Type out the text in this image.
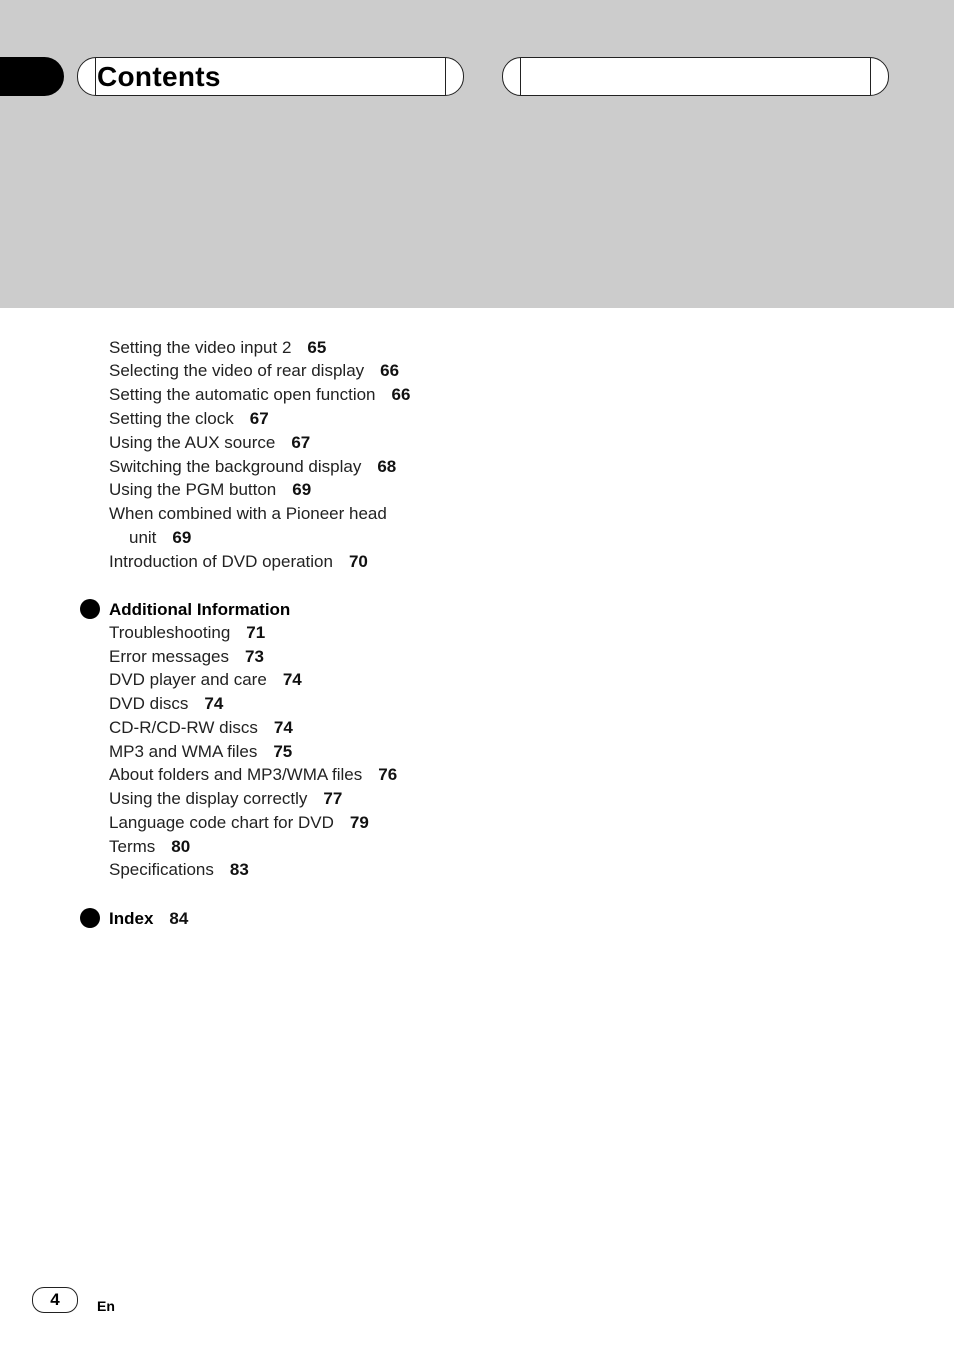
Contents
Setting the video input 2 65
Selecting the video of rear display 66
Setting the automatic open function 66
Setting the clock 67
Using the AUX source 67
Switching the background display 68
Using the PGM button 69
When combined with a Pioneer head
unit 69
Introduction of DVD operation 70
Additional Information
Troubleshooting 71
Error messages 73
DVD player and care 74
DVD discs 74
CD-R/CD-RW discs 74
MP3 and WMA files 75
About folders and MP3/WMA files 76
Using the display correctly 77
Language code chart for DVD 79
Terms 80
Specifications 83
Index 84
4	En
